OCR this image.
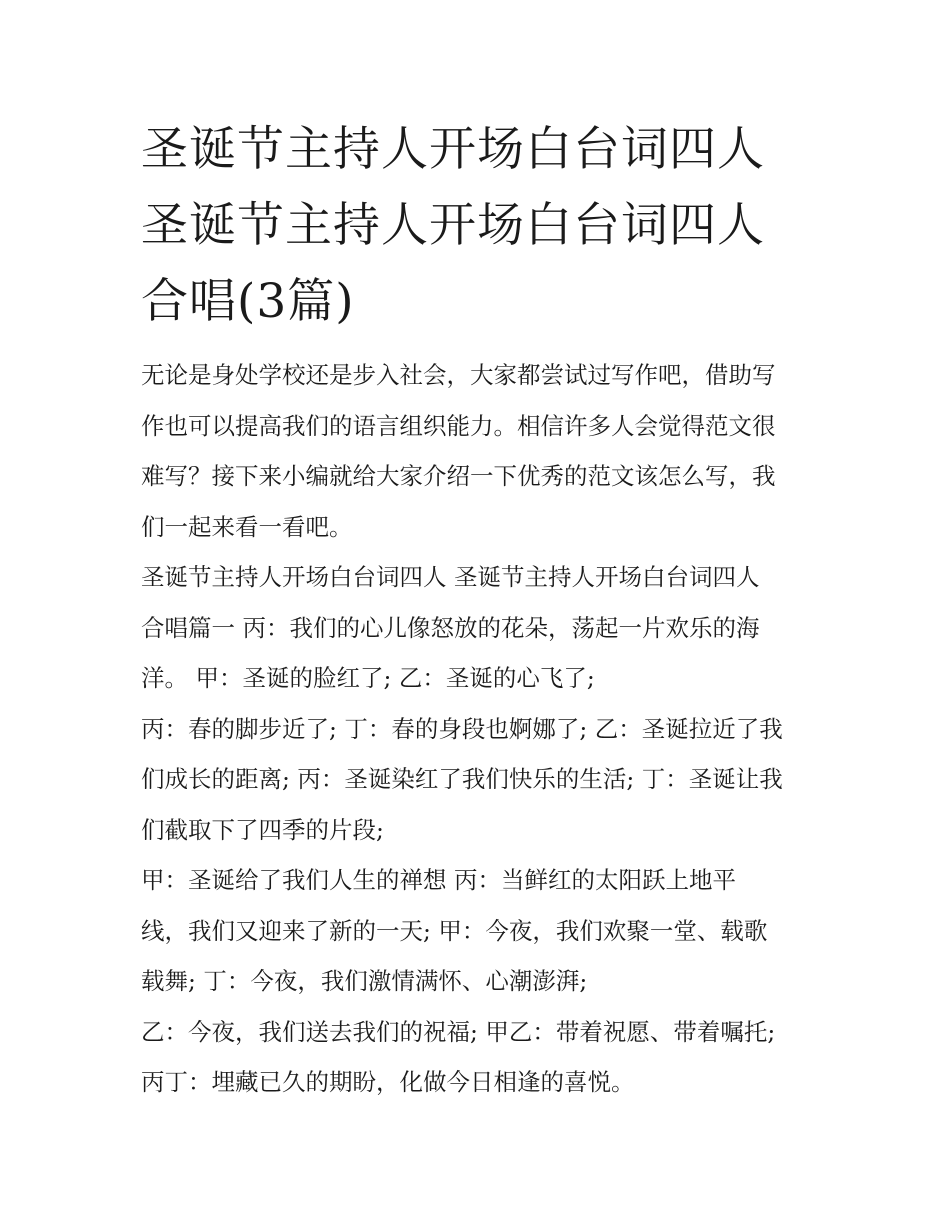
圣诞节主持人开场白台词四人
圣诞节主持人开场白台词四人
合唱(3篇)

无论是身处学校还是步入社会，大家都尝试过写作吧，借助写
作也可以提高我们的语言组织能力。相信许多人会觉得范文很
难写？接下来小编就给大家介绍一下优秀的范文该怎么写，我
们一起来看一看吧。

圣诞节主持人开场白台词四人 圣诞节主持人开场白台词四人
合唱篇一 丙：我们的心儿像怒放的花朵，荡起一片欢乐的海
洋。 甲：圣诞的脸红了; 乙：圣诞的心飞了;

丙：春的脚步近了; 丁：春的身段也婀娜了; 乙：圣诞拉近了我
们成长的距离; 丙：圣诞染红了我们快乐的生活; 丁：圣诞让我
们截取下了四季的片段;

甲：圣诞给了我们人生的禅想 丙：当鲜红的太阳跃上地平
线，我们又迎来了新的一天; 甲：今夜，我们欢聚一堂、载歌
载舞; 丁：今夜，我们激情满怀、心潮澎湃;

乙：今夜，我们送去我们的祝福; 甲乙：带着祝愿、带着嘱托;
丙丁：埋藏已久的期盼，化做今日相逢的喜悦。
